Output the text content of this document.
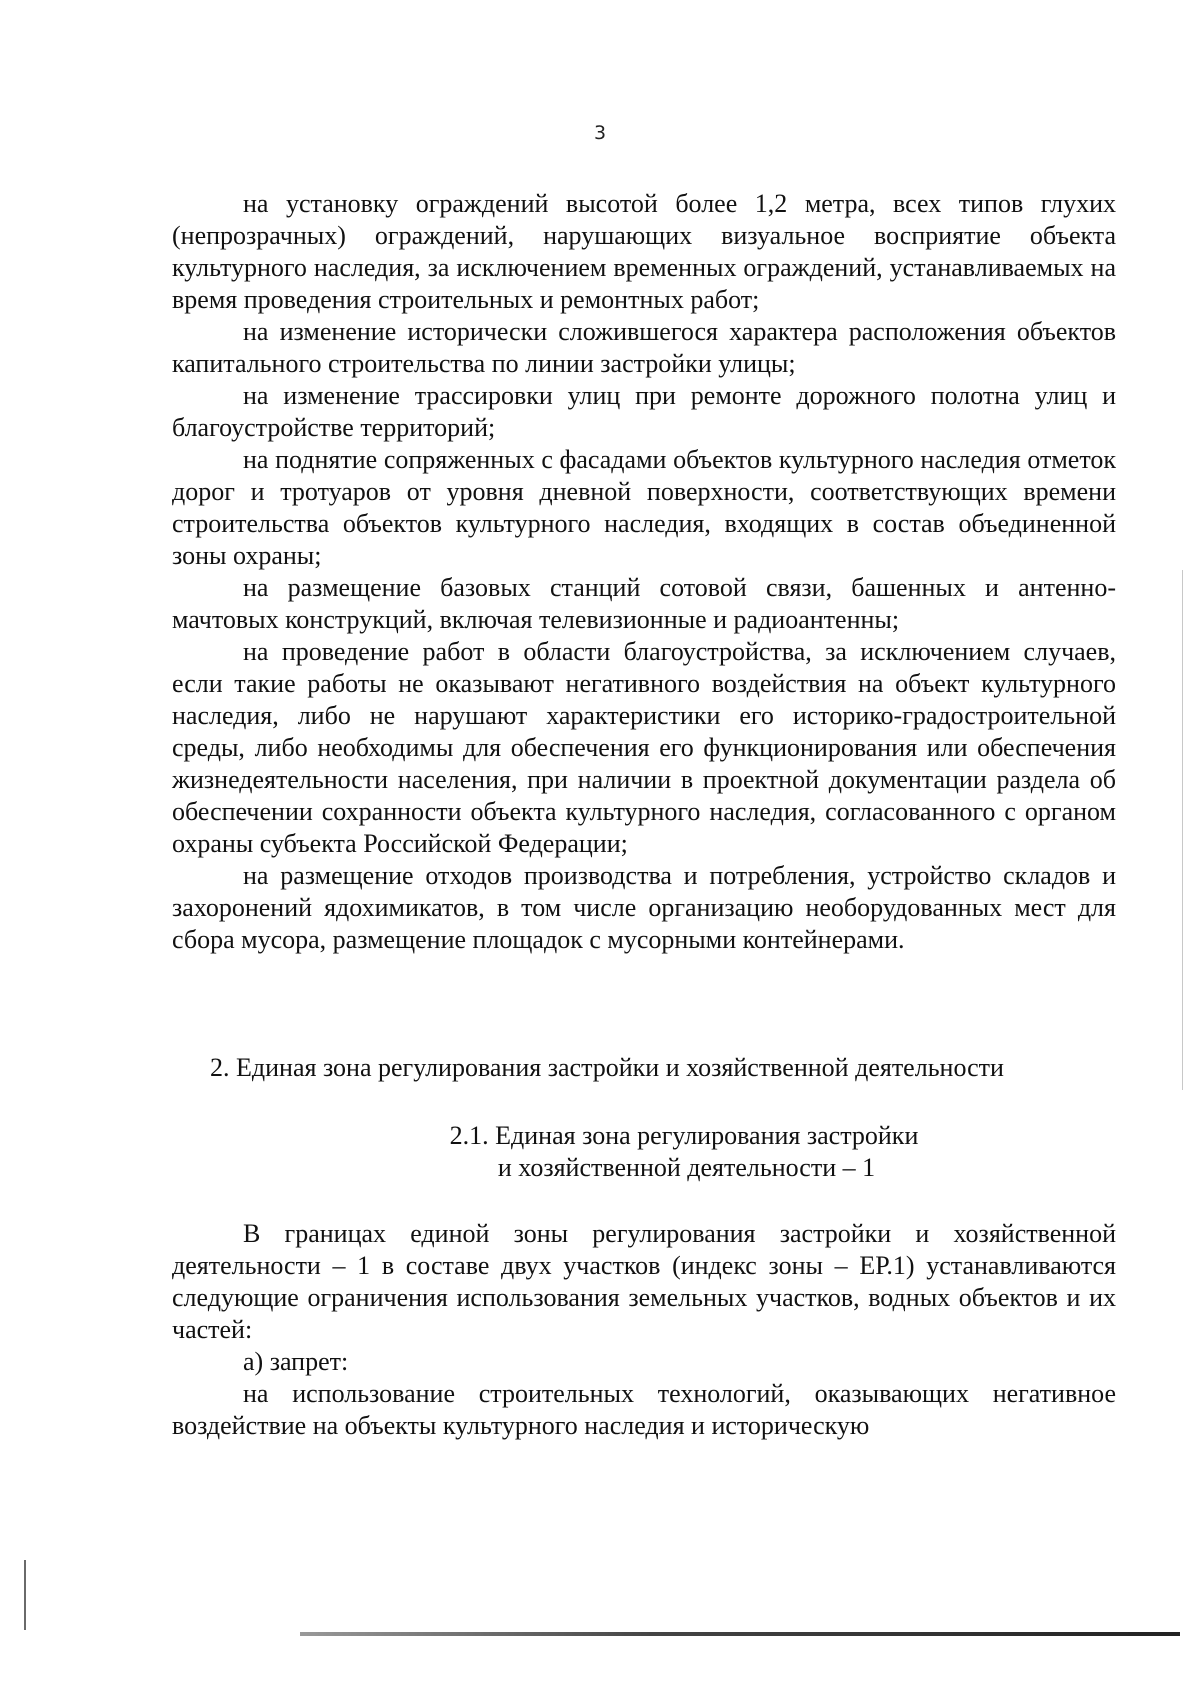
3

на установку ограждений высотой более 1,2 метра, всех типов глухих (непрозрачных) ограждений, нарушающих визуальное восприятие объекта культурного наследия, за исключением временных ограждений, устанавливаемых на время проведения строительных и ремонтных работ;

на изменение исторически сложившегося характера расположения объектов капитального строительства по линии застройки улицы;

на изменение трассировки улиц при ремонте дорожного полотна улиц и благоустройстве территорий;

на поднятие сопряженных с фасадами объектов культурного наследия отметок дорог и тротуаров от уровня дневной поверхности, соответствующих времени строительства объектов культурного наследия, входящих в состав объединенной зоны охраны;

на размещение базовых станций сотовой связи, башенных и антенно-мачтовых конструкций, включая телевизионные и радиоантенны;

на проведение работ в области благоустройства, за исключением случаев, если такие работы не оказывают негативного воздействия на объект культурного наследия, либо не нарушают характеристики его историко-градостроительной среды, либо необходимы для обеспечения его функционирования или обеспечения жизнедеятельности населения, при наличии в проектной документации раздела об обеспечении сохранности объекта культурного наследия, согласованного с органом охраны субъекта Российской Федерации;

на размещение отходов производства и потребления, устройство складов и захоронений ядохимикатов, в том числе организацию необорудованных мест для сбора мусора, размещение площадок с мусорными контейнерами.

2. Единая зона регулирования застройки и хозяйственной деятельности
2.1. Единая зона регулирования застройки
и хозяйственной деятельности – 1

В границах единой зоны регулирования застройки и хозяйственной деятельности – 1 в составе двух участков (индекс зоны – ЕР.1) устанавливаются следующие ограничения использования земельных участков, водных объектов и их частей:

а) запрет:

на использование строительных технологий, оказывающих негативное воздействие на объекты культурного наследия и историческую
